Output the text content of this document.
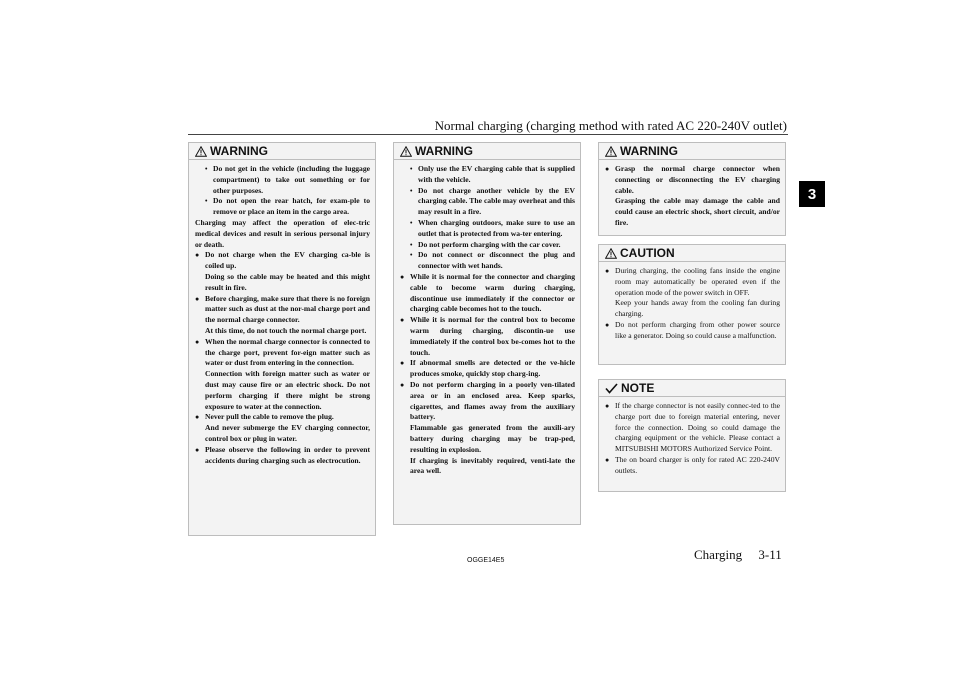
Normal charging (charging method with rated AC 220-240V outlet)
3
WARNING
• Do not get in the vehicle (including the luggage compartment) to take out something or for other purposes.
• Do not open the rear hatch, for exam-ple to remove or place an item in the cargo area.
Charging may affect the operation of elec-tric medical devices and result in serious personal injury or death.
● Do not charge when the EV charging ca-ble is coiled up.
Doing so the cable may be heated and this might result in fire.
● Before charging, make sure that there is no foreign matter such as dust at the nor-mal charge port and the normal charge connector.
At this time, do not touch the normal charge port.
● When the normal charge connector is connected to the charge port, prevent for-eign matter such as water or dust from entering in the connection.
Connection with foreign matter such as water or dust may cause fire or an electric shock. Do not perform charging if there might be strong exposure to water at the connection.
● Never pull the cable to remove the plug.
And never submerge the EV charging connector, control box or plug in water.
● Please observe the following in order to prevent accidents during charging such as electrocution.
WARNING
• Only use the EV charging cable that is supplied with the vehicle.
• Do not charge another vehicle by the EV charging cable. The cable may overheat and this may result in a fire.
• When charging outdoors, make sure to use an outlet that is protected from wa-ter entering.
• Do not perform charging with the car cover.
• Do not connect or disconnect the plug and connector with wet hands.
● While it is normal for the connector and charging cable to become warm during charging, discontinue use immediately if the connector or charging cable becomes hot to the touch.
● While it is normal for the control box to become warm during charging, discontin-ue use immediately if the control box be-comes hot to the touch.
● If abnormal smells are detected or the ve-hicle produces smoke, quickly stop charg-ing.
● Do not perform charging in a poorly ven-tilated area or in an enclosed area. Keep sparks, cigarettes, and flames away from the auxiliary battery.
Flammable gas generated from the auxili-ary battery during charging may be trap-ped, resulting in explosion.
If charging is inevitably required, venti-late the area well.
WARNING
● Grasp the normal charge connector when connecting or disconnecting the EV charging cable.
Grasping the cable may damage the cable and could cause an electric shock, short circuit, and/or fire.
CAUTION
● During charging, the cooling fans inside the engine room may automatically be operated even if the operation mode of the power switch in OFF.
Keep your hands away from the cooling fan during charging.
● Do not perform charging from other power source like a generator. Doing so could cause a malfunction.
NOTE
● If the charge connector is not easily connec-ted to the charge port due to foreign material entering, never force the connection. Doing so could damage the charging equipment or the vehicle. Please contact a MITSUBISHI MOTORS Authorized Service Point.
● The on board charger is only for rated AC 220-240V outlets.
OGGE14E5	Charging     3-11
